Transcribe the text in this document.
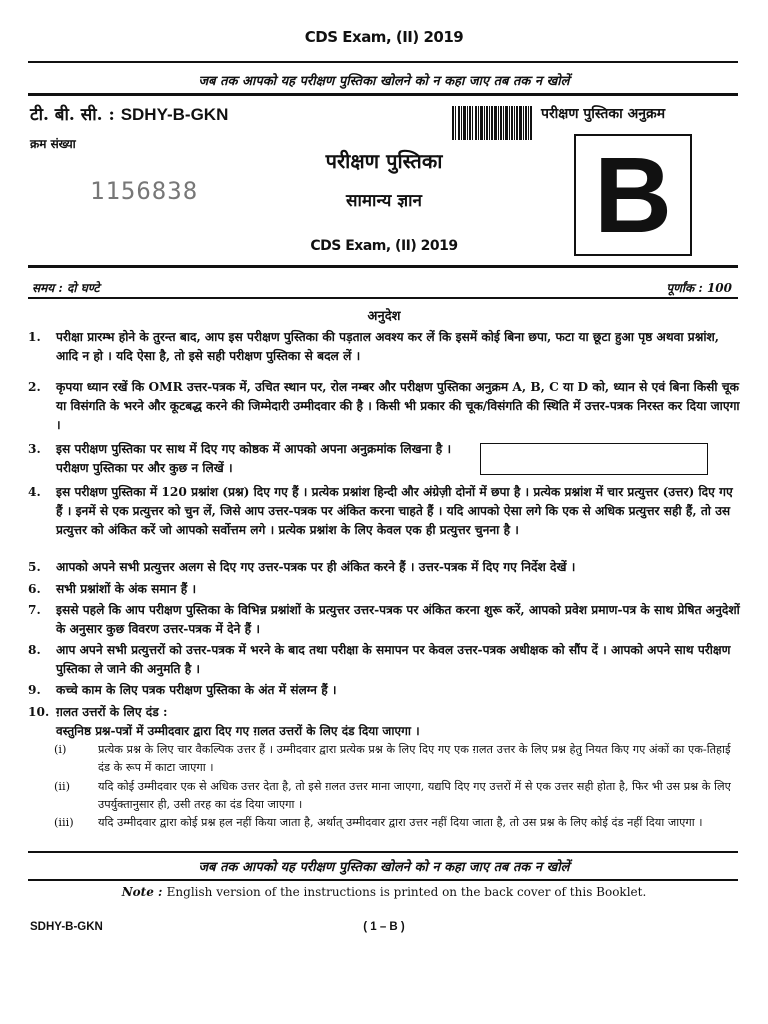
CDS Exam, (II) 2019
जब तक आपको यह परीक्षण पुस्तिका खोलने को न कहा जाए तब तक न खोलें
टी. बी. सी. : SDHY-B-GKN
क्रम संख्या
1156838
परीक्षण पुस्तिका अनुक्रम
B
परीक्षण पुस्तिका
सामान्य ज्ञान
CDS Exam, (II) 2019
समय : दो घण्टे	पूर्णांक : 100
अनुदेश
1.	परीक्षा प्रारम्भ होने के तुरन्त बाद, आप इस परीक्षण पुस्तिका की पड़ताल अवश्य कर लें कि इसमें कोई बिना छपा, फटा या छूटा हुआ पृष्ठ अथवा प्रश्नांश, आदि न हो । यदि ऐसा है, तो इसे सही परीक्षण पुस्तिका से बदल लें ।
2.	कृपया ध्यान रखें कि OMR उत्तर-पत्रक में, उचित स्थान पर, रोल नम्बर और परीक्षण पुस्तिका अनुक्रम A, B, C या D को, ध्यान से एवं बिना किसी चूक या विसंगति के भरने और कूटबद्ध करने की जिम्मेदारी उम्मीदवार की है । किसी भी प्रकार की चूक/विसंगति की स्थिति में उत्तर-पत्रक निरस्त कर दिया जाएगा ।
3.	इस परीक्षण पुस्तिका पर साथ में दिए गए कोष्ठक में आपको अपना अनुक्रमांक लिखना है । परीक्षण पुस्तिका पर और कुछ न लिखें ।
4.	इस परीक्षण पुस्तिका में 120 प्रश्नांश (प्रश्न) दिए गए हैं । प्रत्येक प्रश्नांश हिन्दी और अंग्रेज़ी दोनों में छपा है । प्रत्येक प्रश्नांश में चार प्रत्युत्तर (उत्तर) दिए गए हैं । इनमें से एक प्रत्युत्तर को चुन लें, जिसे आप उत्तर-पत्रक पर अंकित करना चाहते हैं । यदि आपको ऐसा लगे कि एक से अधिक प्रत्युत्तर सही हैं, तो उस प्रत्युत्तर को अंकित करें जो आपको सर्वोत्तम लगे । प्रत्येक प्रश्नांश के लिए केवल एक ही प्रत्युत्तर चुनना है ।
5.	आपको अपने सभी प्रत्युत्तर अलग से दिए गए उत्तर-पत्रक पर ही अंकित करने हैं । उत्तर-पत्रक में दिए गए निर्देश देखें ।
6.	सभी प्रश्नांशों के अंक समान हैं ।
7.	इससे पहले कि आप परीक्षण पुस्तिका के विभिन्न प्रश्नांशों के प्रत्युत्तर उत्तर-पत्रक पर अंकित करना शुरू करें, आपको प्रवेश प्रमाण-पत्र के साथ प्रेषित अनुदेशों के अनुसार कुछ विवरण उत्तर-पत्रक में देने हैं ।
8.	आप अपने सभी प्रत्युत्तरों को उत्तर-पत्रक में भरने के बाद तथा परीक्षा के समापन पर केवल उत्तर-पत्रक अधीक्षक को सौंप दें । आपको अपने साथ परीक्षण पुस्तिका ले जाने की अनुमति है ।
9.	कच्चे काम के लिए पत्रक परीक्षण पुस्तिका के अंत में संलग्न हैं ।
10. ग़लत उत्तरों के लिए दंड :
वस्तुनिष्ठ प्रश्न-पत्रों में उम्मीदवार द्वारा दिए गए ग़लत उत्तरों के लिए दंड दिया जाएगा ।
(i)	प्रत्येक प्रश्न के लिए चार वैकल्पिक उत्तर हैं । उम्मीदवार द्वारा प्रत्येक प्रश्न के लिए दिए गए एक ग़लत उत्तर के लिए प्रश्न हेतु नियत किए गए अंकों का एक-तिहाई दंड के रूप में काटा जाएगा ।
(ii)	यदि कोई उम्मीदवार एक से अधिक उत्तर देता है, तो इसे ग़लत उत्तर माना जाएगा, यद्यपि दिए गए उत्तरों में से एक उत्तर सही होता है, फिर भी उस प्रश्न के लिए उपर्युक्तानुसार ही, उसी तरह का दंड दिया जाएगा ।
(iii)	यदि उम्मीदवार द्वारा कोई प्रश्न हल नहीं किया जाता है, अर्थात् उम्मीदवार द्वारा उत्तर नहीं दिया जाता है, तो उस प्रश्न के लिए कोई दंड नहीं दिया जाएगा ।
जब तक आपको यह परीक्षण पुस्तिका खोलने को न कहा जाए तब तक न खोलें
Note : English version of the instructions is printed on the back cover of this Booklet.
SDHY-B-GKN	( 1 – B )
